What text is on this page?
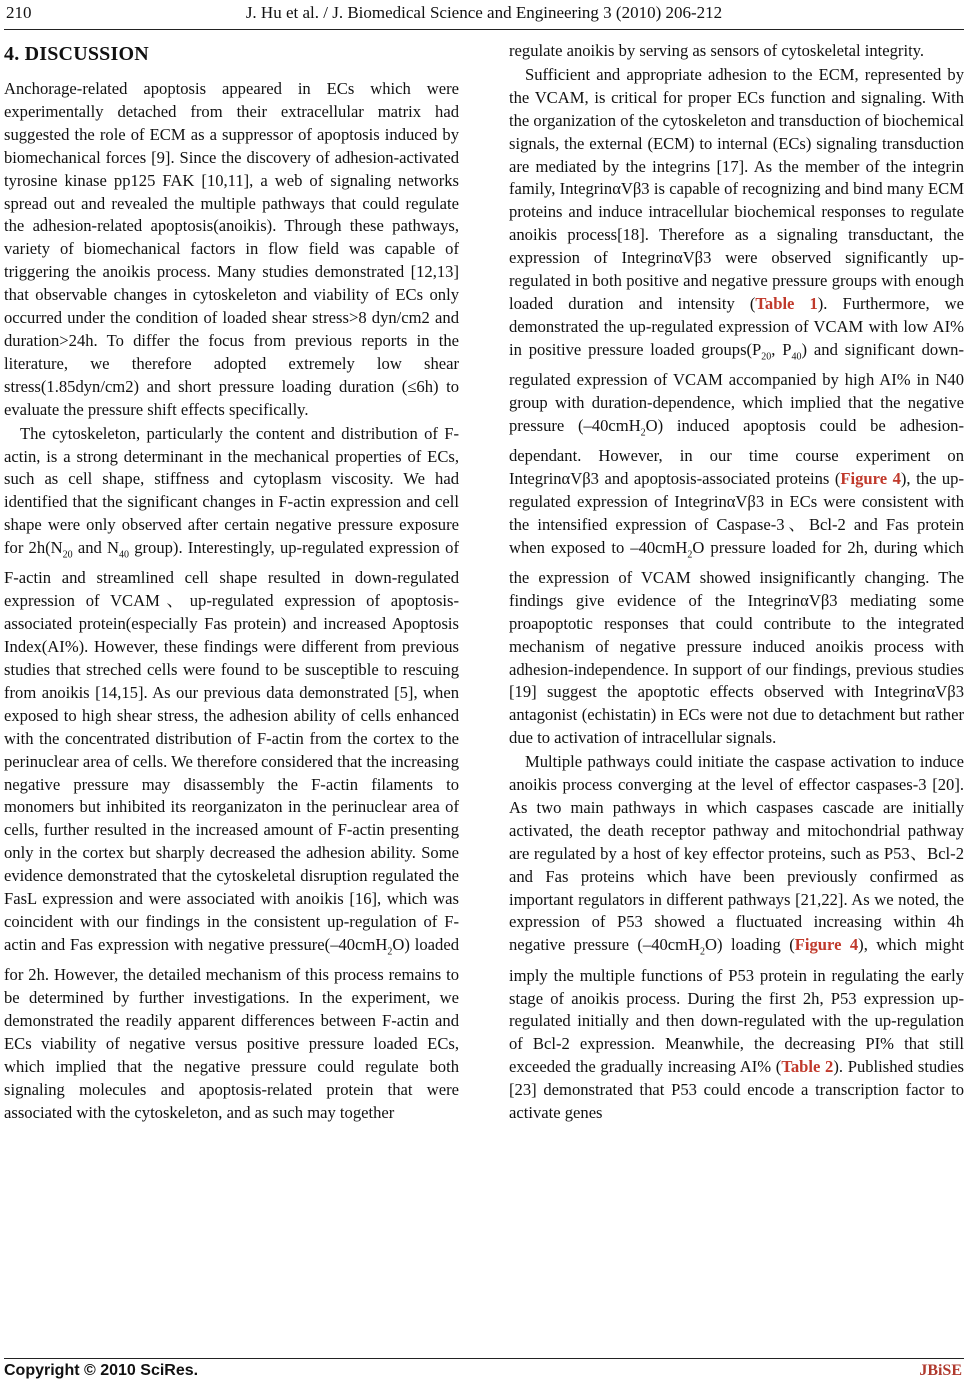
210	J. Hu et al. / J. Biomedical Science and Engineering 3 (2010) 206-212

4. DISCUSSION

Anchorage-related apoptosis appeared in ECs which were experimentally detached from their extracellular matrix had suggested the role of ECM as a suppressor of apoptosis induced by biomechanical forces [9]. Since the discovery of adhesion-activated tyrosine kinase pp125 FAK [10,11], a web of signaling networks spread out and revealed the multiple pathways that could regulate the adhesion-related apoptosis(anoikis). Through these pathways, variety of biomechanical factors in flow field was capable of triggering the anoikis process. Many studies demonstrated [12,13] that observable changes in cytoskeleton and viability of ECs only occurred under the condition of loaded shear stress>8 dyn/cm2 and duration>24h. To differ the focus from previous reports in the literature, we therefore adopted extremely low shear stress(1.85dyn/cm2) and short pressure loading duration (≤6h) to evaluate the pressure shift effects specifically.

The cytoskeleton, particularly the content and distribution of F-actin, is a strong determinant in the mechanical properties of ECs, such as cell shape, stiffness and cytoplasm viscosity. We had identified that the significant changes in F-actin expression and cell shape were only observed after certain negative pressure exposure for $2h(N_{20}$ and $N_{40}$ group). Interestingly, up-regulated expression of F-actin and streamlined cell shape resulted in down-regulated expression of VCAM、up-regulated expression of apoptosis-associated protein(especially Fas protein) and increased Apoptosis Index(AI%). However, these findings were different from previous studies that streched cells were found to be susceptible to rescuing from anoikis [14,15]. As our previous data demonstrated [5], when exposed to high shear stress, the adhesion ability of cells enhanced with the concentrated distribution of F-actin from the cortex to the perinuclear area of cells. We therefore considered that the increasing negative pressure may disassembly the F-actin filaments to monomers but inhibited its reorganizaton in the perinuclear area of cells, further resulted in the increased amount of F-actin presenting only in the cortex but sharply decreased the adhesion ability. Some evidence demonstrated that the cytoskeletal disruption regulated the FasL expression and were associated with anoikis [16], which was coincident with our findings in the consistent up-regulation of F-actin and Fas expression with negative pressure(–40cmH$_2$O) loaded for 2h. However, the detailed mechanism of this process remains to be determined by further investigations. In the experiment, we demonstrated the readily apparent differences between F-actin and ECs viability of negative versus positive pressure loaded ECs, which implied that the negative pressure could regulate both signaling molecules and apoptosis-related protein that were associated with the cytoskeleton, and as such may together

regulate anoikis by serving as sensors of cytoskeletal integrity.

Sufficient and appropriate adhesion to the ECM, represented by the VCAM, is critical for proper ECs function and signaling. With the organization of the cytoskeleton and transduction of biochemical signals, the external (ECM) to internal (ECs) signaling transduction are mediated by the integrins [17]. As the member of the integrin family, IntegrinαVβ3 is capable of recognizing and bind many ECM proteins and induce intracellular biochemical responses to regulate anoikis process[18]. Therefore as a signaling transductant, the expression of IntegrinαVβ3 were observed significantly up-regulated in both positive and negative pressure groups with enough loaded duration and intensity (Table 1). Furthermore, we demonstrated the up-regulated expression of VCAM with low AI% in positive pressure loaded $groups(P_{20}$, $P_{40}$) and significant down-regulated expression of VCAM accompanied by high AI% in N40 group with duration-dependence, which implied that the negative pressure (–40cmH$_2$O) induced apoptosis could be adhesion-dependant. However, in our time course experiment on IntegrinαVβ3 and apoptosis-associated proteins (Figure 4), the up-regulated expression of IntegrinαVβ3 in ECs were consistent with the intensified expression of Caspase-3、Bcl-2 and Fas protein when exposed to –40cmH$_2$O pressure loaded for 2h, during which the expression of VCAM showed insignificantly changing. The findings give evidence of the IntegrinαVβ3 mediating some proapoptotic responses that could contribute to the integrated mechanism of negative pressure induced anoikis process with adhesion-independence. In support of our findings, previous studies [19] suggest the apoptotic effects observed with IntegrinαVβ3 antagonist (echistatin) in ECs were not due to detachment but rather due to activation of intracellular signals.

Multiple pathways could initiate the caspase activation to induce anoikis process converging at the level of effector caspases-3 [20]. As two main pathways in which caspases cascade are initially activated, the death receptor pathway and mitochondrial pathway are regulated by a host of key effector proteins, such as P53、Bcl-2 and Fas proteins which have been previously confirmed as important regulators in different pathways [21,22]. As we noted, the expression of P53 showed a fluctuated increasing within 4h negative pressure (–40cmH$_2$O) loading (Figure 4), which might imply the multiple functions of P53 protein in regulating the early stage of anoikis process. During the first 2h, P53 expression up-regulated initially and then down-regulated with the up-regulation of Bcl-2 expression. Meanwhile, the decreasing PI% that still exceeded the gradually increasing AI% (Table 2). Published studies [23] demonstrated that P53 could encode a transcription factor to activate genes

Copyright © 2010 SciRes.	JBiSE
